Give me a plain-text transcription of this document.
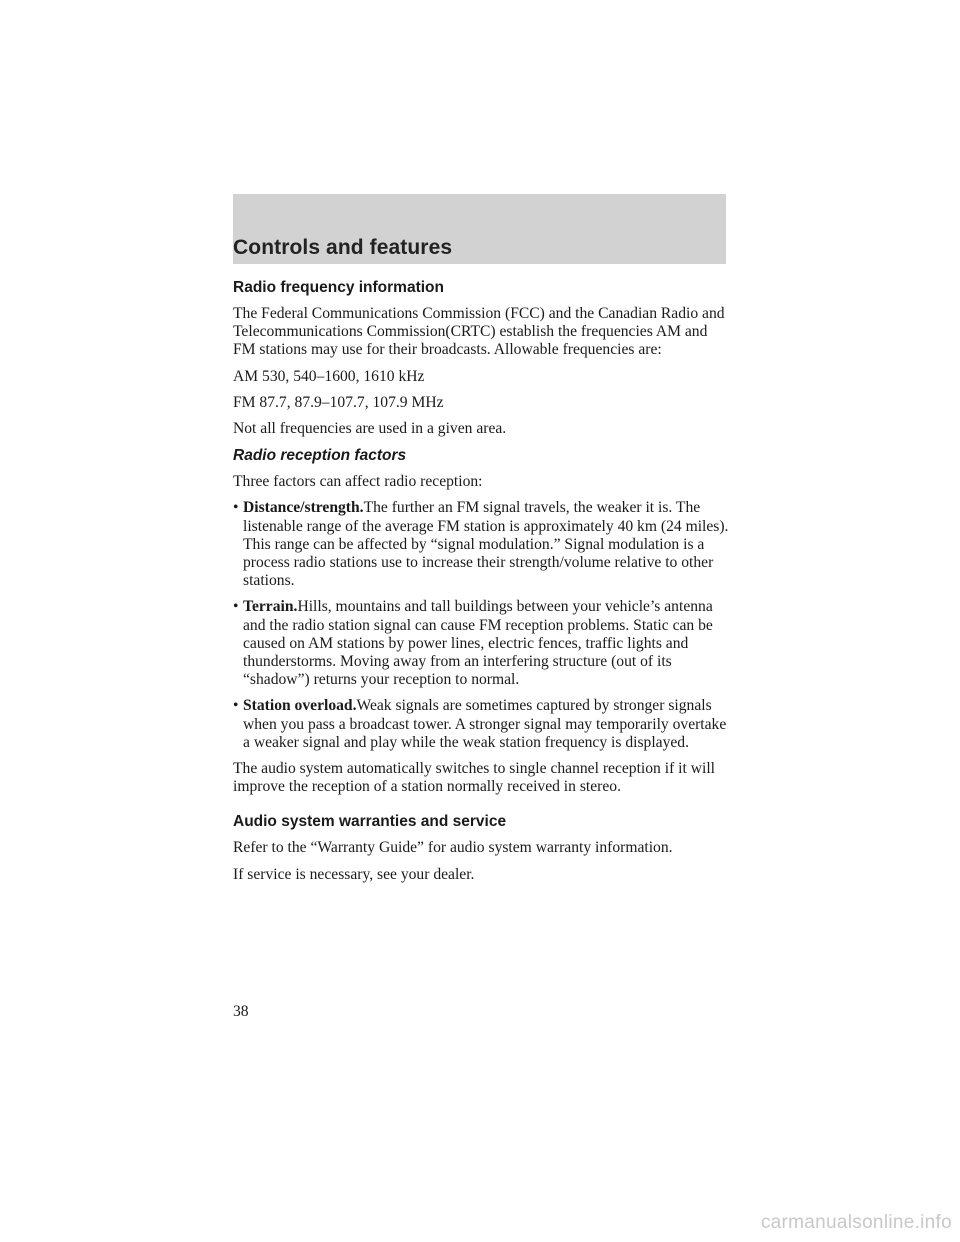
Controls and features
Radio frequency information

The Federal Communications Commission (FCC) and the Canadian Radio and Telecommunications Commission(CRTC) establish the frequencies AM and FM stations may use for their broadcasts. Allowable frequencies are:

AM 530, 540–1600, 1610 kHz

FM 87.7, 87.9–107.7, 107.9 MHz

Not all frequencies are used in a given area.

Radio reception factors

Three factors can affect radio reception:

• Distance/strength.The further an FM signal travels, the weaker it is. The listenable range of the average FM station is approximately 40 km (24 miles). This range can be affected by “signal modulation.” Signal modulation is a process radio stations use to increase their strength/volume relative to other stations.
• Terrain.Hills, mountains and tall buildings between your vehicle’s antenna and the radio station signal can cause FM reception problems. Static can be caused on AM stations by power lines, electric fences, traffic lights and thunderstorms. Moving away from an interfering structure (out of its “shadow”) returns your reception to normal.
• Station overload.Weak signals are sometimes captured by stronger signals when you pass a broadcast tower. A stronger signal may temporarily overtake a weaker signal and play while the weak station frequency is displayed.

The audio system automatically switches to single channel reception if it will improve the reception of a station normally received in stereo.

Audio system warranties and service

Refer to the “Warranty Guide” for audio system warranty information.

If service is necessary, see your dealer.

38
carmanualsonline.info
